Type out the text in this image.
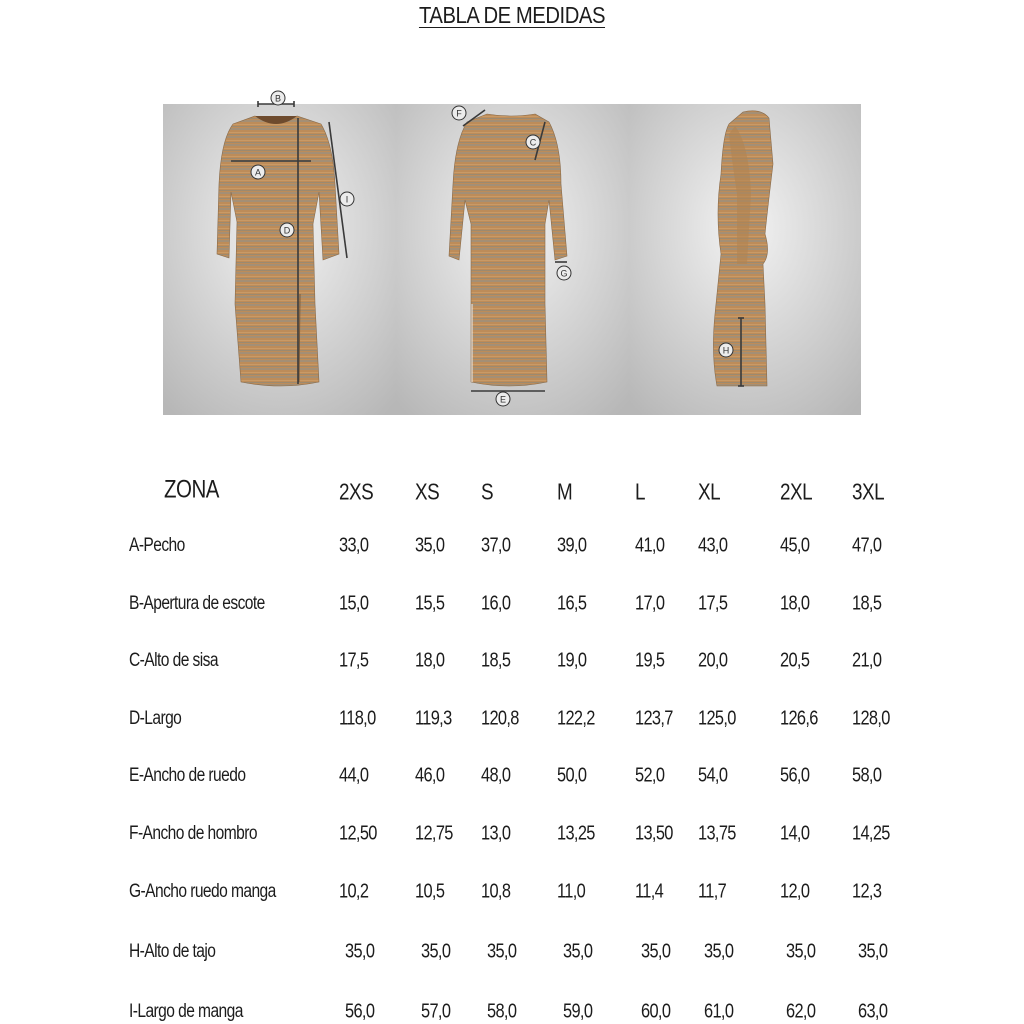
TABLA DE MEDIDAS
B
A
I
D
F
C
G
E
H
ZONA	2XS XS S	M	L XL	2XL 3XL
A-Pecho	33,0 35,0 37,0 39,0 41,0 43,0	45,0 47,0
B-Apertura de escote	15,0 15,5 16,0 16,5 17,0 17,5	18,0 18,5
C-Alto de sisa	17,5 18,0 18,5 19,0 19,5 20,0	20,5 21,0
D-Largo	118,0 119,3 120,8 122,2 123,7 125,0 126,6 128,0
E-Ancho de ruedo	44,0 46,0 48,0 50,0 52,0 54,0	56,0 58,0
F-Ancho de hombro	12,50 12,75 13,0 13,25 13,50 13,75 14,0 14,25
G-Ancho ruedo manga	10,2 10,5 10,8 11,0 11,4 11,7	12,0 12,3
H-Alto de tajo	35,0 35,0 35,0 35,0 35,0 35,0	35,0 35,0
I-Largo de manga	56,0 57,0 58,0 59,0 60,0 61,0	62,0 63,0
